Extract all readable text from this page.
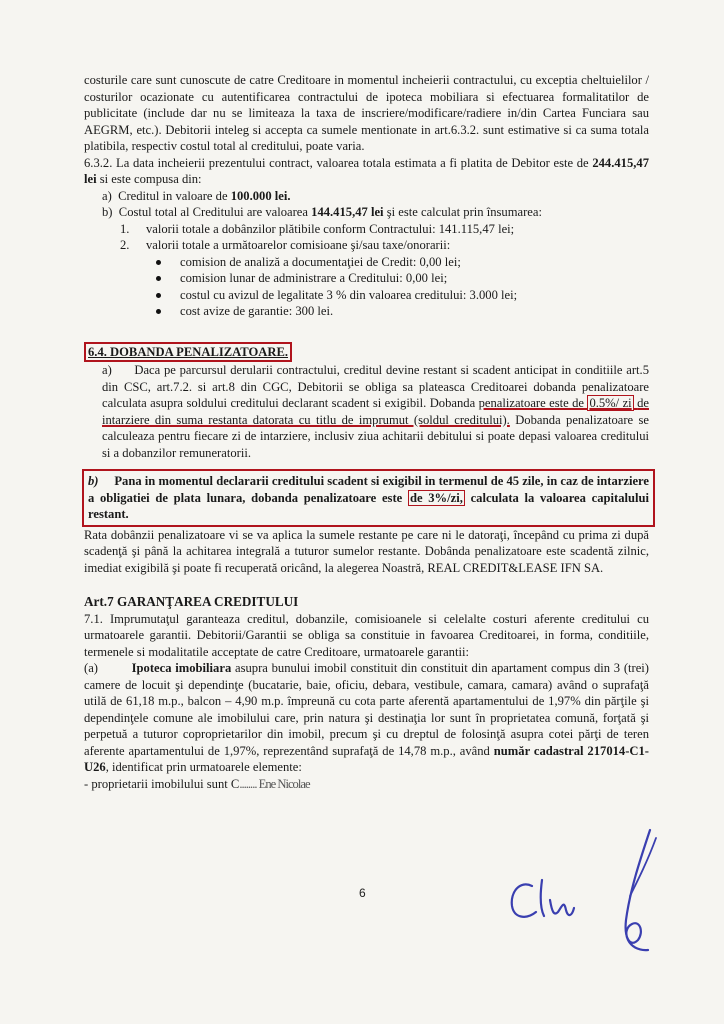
costurile care sunt cunoscute de catre Creditoare in momentul incheierii contractului, cu exceptia cheltuielilor / costurilor ocazionate cu autentificarea contractului de ipoteca mobiliara si efectuarea formalitatilor de publicitate (include dar nu se limiteaza la taxa de inscriere/modificare/radiere in/din Cartea Funciara sau AEGRM, etc.). Debitorii inteleg si accepta ca sumele mentionate in art.6.3.2. sunt estimative si ca suma totala platibila, respectiv costul total al creditului, poate varia.

6.3.2. La data incheierii prezentului contract, valoarea totala estimata a fi platita de Debitor este de 244.415,47 lei si este compusa din:

a)  Creditul in valoare de 100.000 lei.

b)  Costul total al Creditului are valoarea 144.415,47 lei şi este calculat prin însumarea:

1. valorii totale a dobânzilor plătibile conform Contractului: 141.115,47 lei;

2. valorii totale a următoarelor comisioane şi/sau taxe/onorarii:

comision de analiză a documentaţiei de Credit: 0,00 lei;
comision lunar de administrare a Creditului: 0,00 lei;
costul cu avizul de legalitate 3 % din valoarea creditului: 3.000 lei;
cost avize de garantie: 300 lei.

6.4. DOBANDA PENALIZATOARE.

a) Daca pe parcursul derularii contractului, creditul devine restant si scadent anticipat in conditiile art.5 din CSC, art.7.2. si art.8 din CGC, Debitorii se obliga sa plateasca Creditoarei dobanda penalizatoare calculata asupra soldului creditului declarant scadent si exigibil. Dobanda penalizatoare este de 0.5%/ zi de intarziere din suma restanta datorata cu titlu de imprumut (soldul creditului). Dobanda penalizatoare se calculeaza pentru fiecare zi de intarziere, inclusiv ziua achitarii debitului si poate depasi valoarea creditului si a dobanzilor remuneratorii.

b) Pana in momentul declararii creditului scadent si exigibil in termenul de 45 zile, in caz de intarziere a obligatiei de plata lunara, dobanda penalizatoare este de 3%/zi, calculata la valoarea capitalului restant.

Rata dobânzii penalizatoare vi se va aplica la sumele restante pe care ni le datoraţi, începând cu prima zi după scadenţă şi până la achitarea integrală a tuturor sumelor restante. Dobânda penalizatoare este scadentă zilnic, imediat exigibilă şi poate fi recuperată oricând, la alegerea Noastră, REAL CREDIT&LEASE IFN SA.

Art.7 GARANŢAREA CREDITULUI

7.1. Imprumutaţul garanteaza creditul, dobanzile, comisioanele si celelalte costuri aferente creditului cu urmatoarele garantii. Debitorii/Garantii se obliga sa constituie in favoarea Creditoarei, in forma, conditiile, termenele si modalitatile acceptate de catre Creditoare, urmatoarele garantii:

(a)	Ipoteca imobiliara asupra bunului imobil constituit din constituit din apartament compus din 3 (trei) camere de locuit şi dependinţe (bucatarie, baie, oficiu, debara, vestibule, camara, camara) având o suprafaţă utilă de 61,18 m.p., balcon – 4,90 m.p. împreună cu cota parte aferentă apartamentului de 1,97% din părţile şi dependinţele comune ale imobilului care, prin natura şi destinaţia lor sunt în proprietatea comună, forţată şi perpetuă a tuturor coproprietarilor din imobil, precum şi cu dreptul de folosinţă asupra cotei părţi de teren aferente apartamentului de 1,97%, reprezentând suprafaţă de 14,78 m.p., având număr cadastral 217014-C1-U26, identificat prin urmatoarele elemente:

- proprietarii imobilului sunt C........ Ene Nicolae

6
